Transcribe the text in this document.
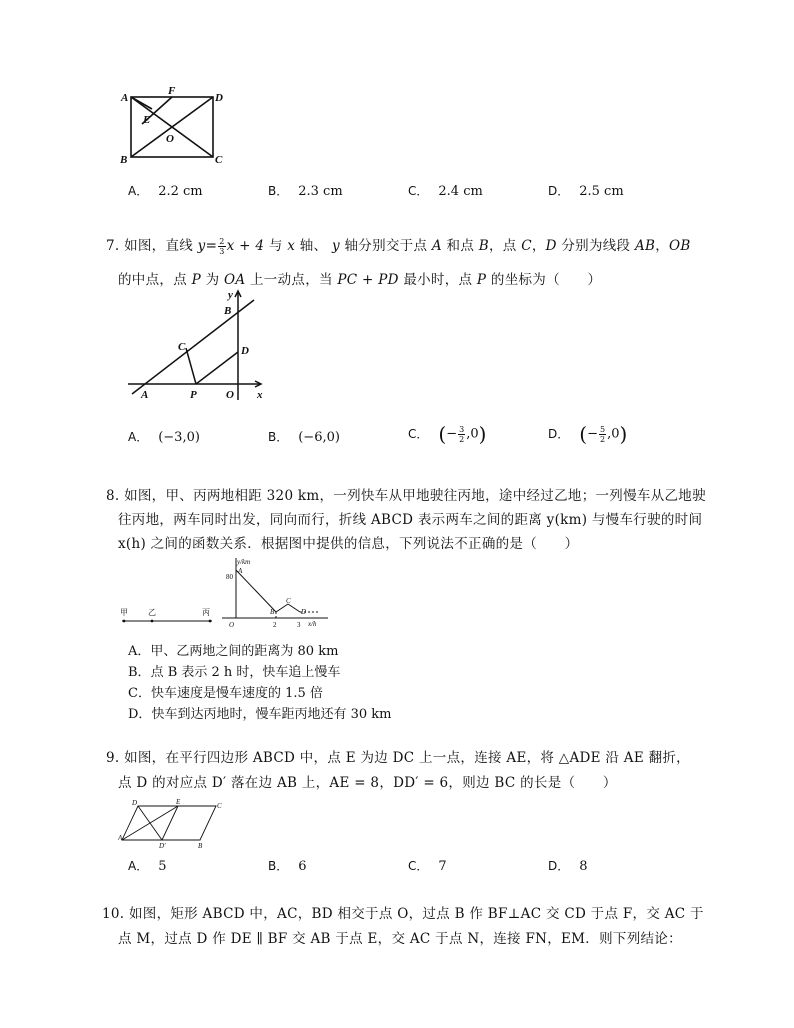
A
F
D
E
O
B	C
A． 2.2 cm	B． 2.3 cm	C． 2.4 cm	D． 2.5 cm
7. 如图，直线 $y= \frac{2}{3}$ x + 4 与 x 轴、 y 轴分别交于点 A 和点 B，点 C，D 分别为线段 AB，OB
的中点，点 P 为 OA 上一动点，当 PC + PD 最小时，点 P 的坐标为（　　）
y
B
C	D
A	P	O x
A． (−3,0)	B． (−6,0)	C． (− $\frac{3}{2} ,0$)	D． (− $\frac{5}{2} ,0$)
8. 如图，甲、丙两地相距 320 km，一列快车从甲地驶往丙地，途中经过乙地；一列慢车从乙地驶
往丙地，两车同时出发，同向而行，折线 ABCD 表示两车之间的距离 y(km) 与慢车行驶的时间
x(h) 之间的函数关系．根据图中提供的信息，下列说法不正确的是（　　）
甲	乙	丙
y/km
80
A
B
C
D
O	2	3 x/h
A．甲、乙两地之间的距离为 80 km
B．点 B 表示 2 h 时，快车追上慢车
C．快车速度是慢车速度的 1.5 倍
D．快车到达丙地时，慢车距丙地还有 30 km
9. 如图，在平行四边形 ABCD 中，点 E 为边 DC 上一点，连接 AE，将 △ADE 沿 AE 翻折，
点 D 的对应点 D′ 落在边 AB 上，AE = 8，DD′ = 6，则边 BC 的长是（　　）
D	E	C
A
D′	B
A． 5	B． 6	C． 7	D． 8
10. 如图，矩形 ABCD 中，AC，BD 相交于点 O，过点 B 作 BF⊥AC 交 CD 于点 F，交 AC 于
点 M，过点 D 作 DE ∥ BF 交 AB 于点 E，交 AC 于点 N，连接 FN，EM．则下列结论：
